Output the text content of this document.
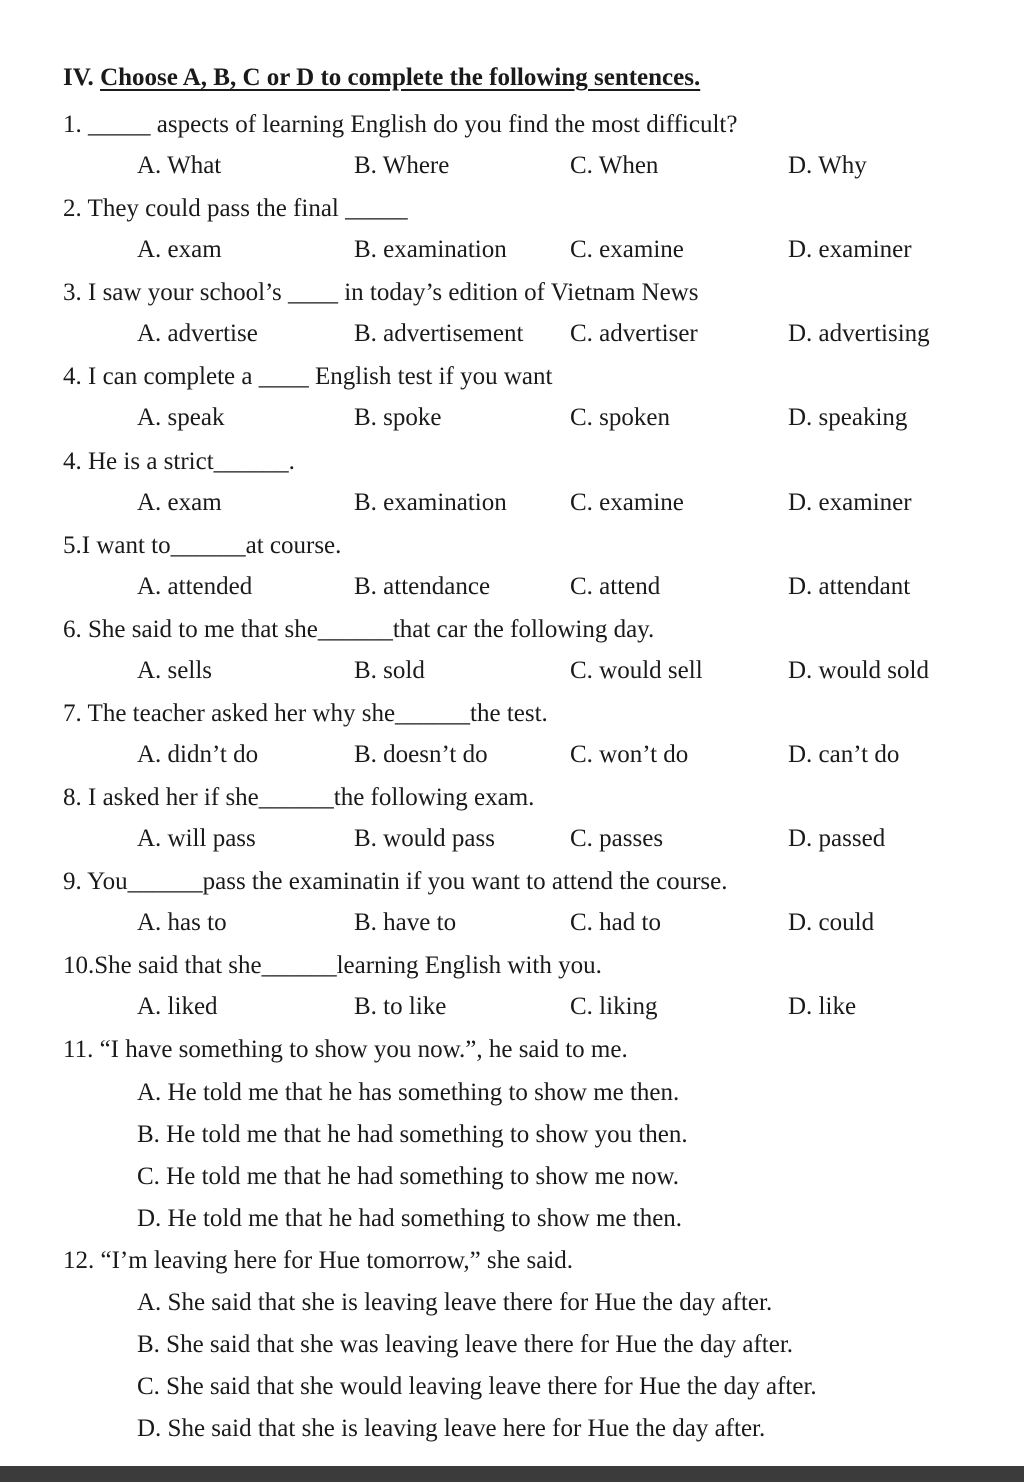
IV. Choose A, B, C or D to complete the following sentences.
1. _____ aspects of learning English do you find the most difficult?
A. What	B. Where	C. When	D. Why
2. They could pass the final _____
A. exam	B. examination	C. examine	D. examiner
3. I saw your school’s ____ in today’s edition of Vietnam News
A. advertise	B. advertisement C. advertiser	D. advertising
4. I can complete a ____ English test if you want
A. speak	B. spoke	C. spoken	D. speaking
4. He is a strict______.
A. exam	B. examination	C. examine	D. examiner
5.I want to______at course.
A. attended	B. attendance	C. attend	D. attendant
6. She said to me that she______that car the following day.
A. sells	B. sold	C. would sell	D. would sold
7. The teacher asked her why she______the test.
A. didn’t do	B. doesn’t do	C. won’t do	D. can’t do
8. I asked her if she______the following exam.
A. will pass	B. would pass	C. passes	D. passed
9. You______pass the examinatin if you want to attend the course.
A. has to	B. have to	C. had to	D. could
10.She said that she______learning English with you.
A. liked	B. to like	C. liking	D. like
11. “I have something to show you now.”, he said to me.
A. He told me that he has something to show me then.
B. He told me that he had something to show you then.
C. He told me that he had something to show me now.
D. He told me that he had something to show me then.
12. “I’m leaving here for Hue tomorrow,” she said.
A. She said that she is leaving leave there for Hue the day after.
B. She said that she was leaving leave there for Hue the day after.
C. She said that she would leaving leave there for Hue the day after.
D. She said that she is leaving leave here for Hue the day after.
